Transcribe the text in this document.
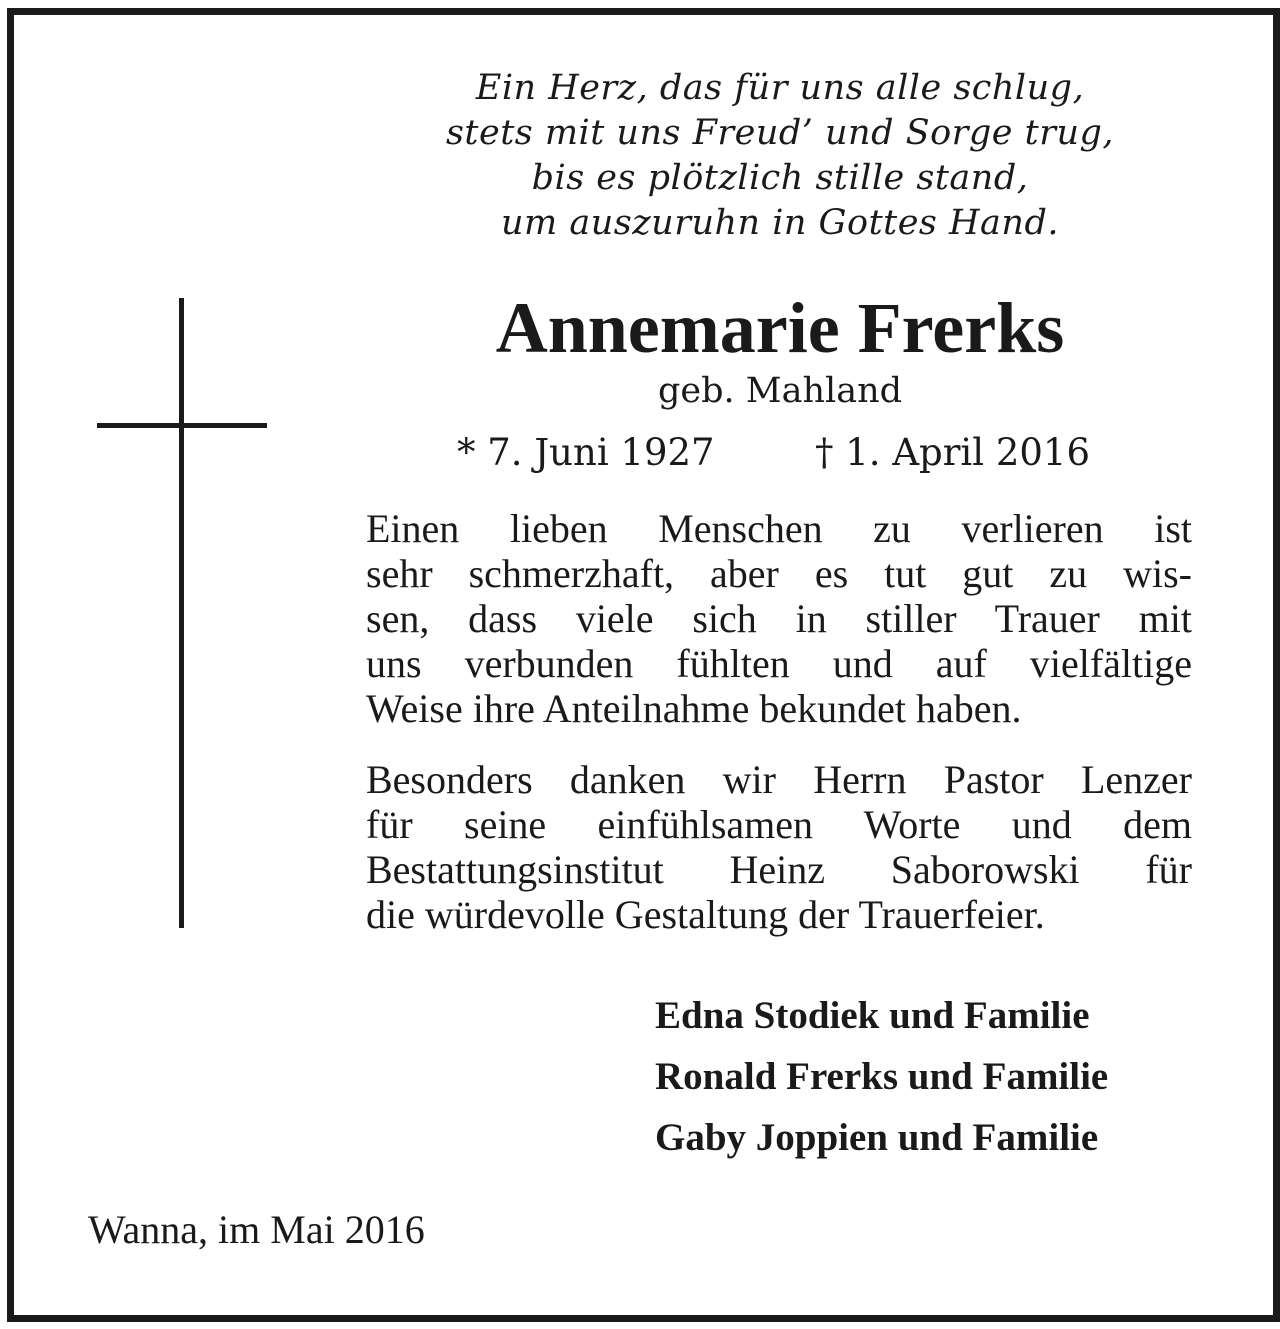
Ein Herz, das für uns alle schlug,
stets mit uns Freud’ und Sorge trug,
bis es plötzlich stille stand,
um auszuruhn in Gottes Hand.
Annemarie Frerks
geb. Mahland
* 7. Juni 1927	† 1. April 2016
Einen lieben Menschen zu verlieren ist
sehr schmerzhaft, aber es tut gut zu wis-
sen, dass viele sich in stiller Trauer mit
uns verbunden fühlten und auf vielfältige
Weise ihre Anteilnahme bekundet haben.
Besonders danken wir Herrn Pastor Lenzer
für seine einfühlsamen Worte und dem
Bestattungsinstitut Heinz Saborowski für
die würdevolle Gestaltung der Trauerfeier.
Edna Stodiek und Familie
Ronald Frerks und Familie
Gaby Joppien und Familie
Wanna, im Mai 2016
